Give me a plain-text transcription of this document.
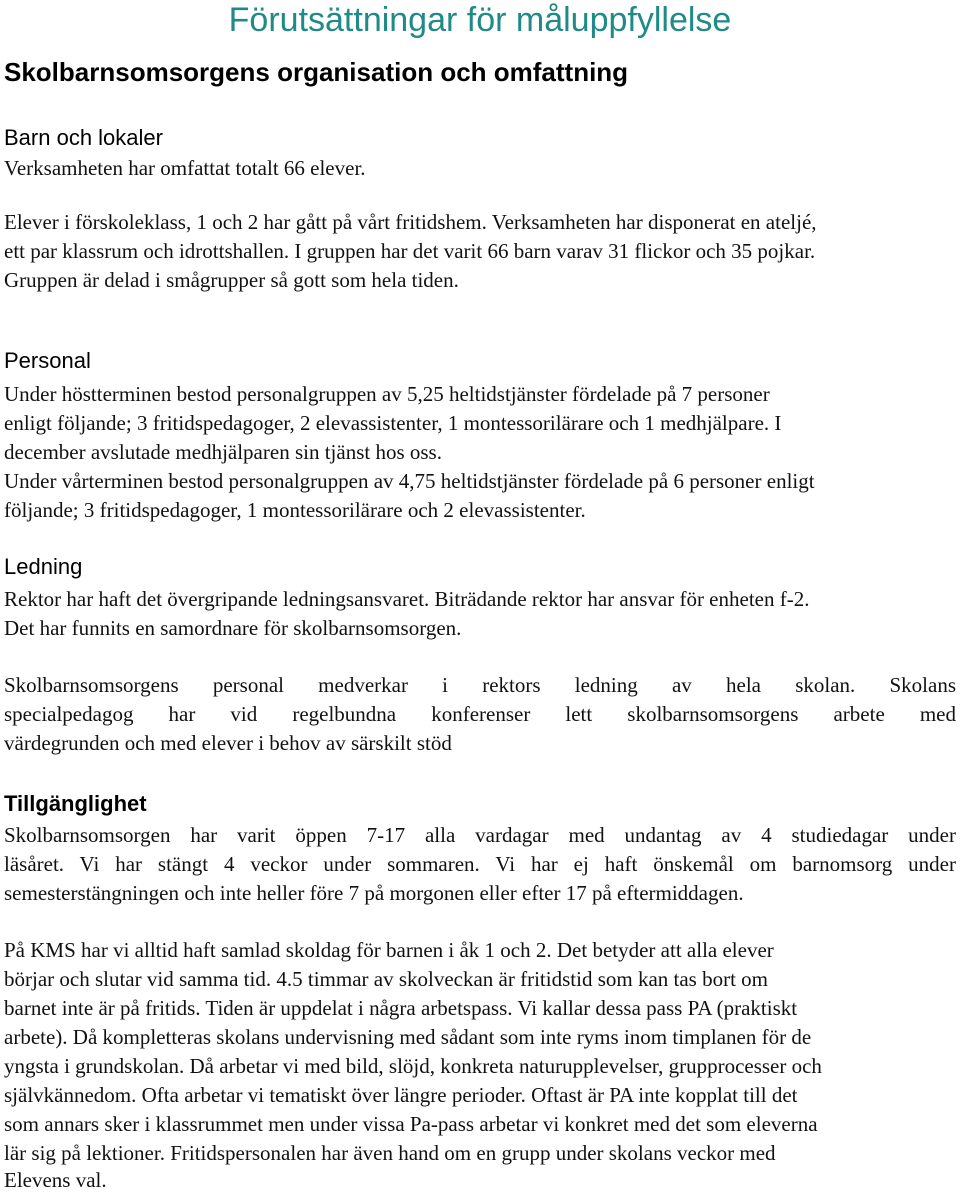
Förutsättningar för måluppfyllelse
Skolbarnsomsorgens organisation och omfattning
Barn och lokaler

Verksamheten har omfattat totalt 66 elever.

Elever i förskoleklass, 1 och 2 har gått på vårt fritidshem. Verksamheten har disponerat en ateljé,

ett par klassrum och idrottshallen. I gruppen har det varit 66 barn varav 31 flickor och 35 pojkar.

Gruppen är delad i smågrupper så gott som hela tiden.

Personal

Under höstterminen bestod personalgruppen av 5,25 heltidstjänster fördelade på 7 personer

enligt följande; 3 fritidspedagoger, 2 elevassistenter, 1 montessorilärare och 1 medhjälpare. I

december avslutade medhjälparen sin tjänst hos oss.

Under vårterminen bestod personalgruppen av 4,75 heltidstjänster fördelade på 6 personer enligt

följande; 3 fritidspedagoger, 1 montessorilärare och 2 elevassistenter.

Ledning

Rektor har haft det övergripande ledningsansvaret. Biträdande rektor har ansvar för enheten f-2.

Det har funnits en samordnare för skolbarnsomsorgen.

Skolbarnsomsorgens personal medverkar i rektors ledning av hela skolan. Skolans

specialpedagog har vid regelbundna konferenser lett skolbarnsomsorgens arbete med

värdegrunden och med elever i behov av särskilt stöd

Tillgänglighet

Skolbarnsomsorgen har varit öppen 7-17 alla vardagar med undantag av 4 studiedagar under

läsåret. Vi har stängt 4 veckor under sommaren. Vi har ej haft önskemål om barnomsorg under

semesterstängningen och inte heller före 7 på morgonen eller efter 17 på eftermiddagen.

På KMS har vi alltid haft samlad skoldag för barnen i åk 1 och 2. Det betyder att alla elever

börjar och slutar vid samma tid. 4.5 timmar av skolveckan är fritidstid som kan tas bort om

barnet inte är på fritids. Tiden är uppdelat i några arbetspass. Vi kallar dessa pass PA (praktiskt

arbete). Då kompletteras skolans undervisning med sådant som inte ryms inom timplanen för de

yngsta i grundskolan. Då arbetar vi med bild, slöjd, konkreta naturupplevelser, grupprocesser och

självkännedom. Ofta arbetar vi tematiskt över längre perioder. Oftast är PA inte kopplat till det

som annars sker i klassrummet men under vissa Pa-pass arbetar vi konkret med det som eleverna

lär sig på lektioner. Fritidspersonalen har även hand om en grupp under skolans veckor med

Elevens val.
